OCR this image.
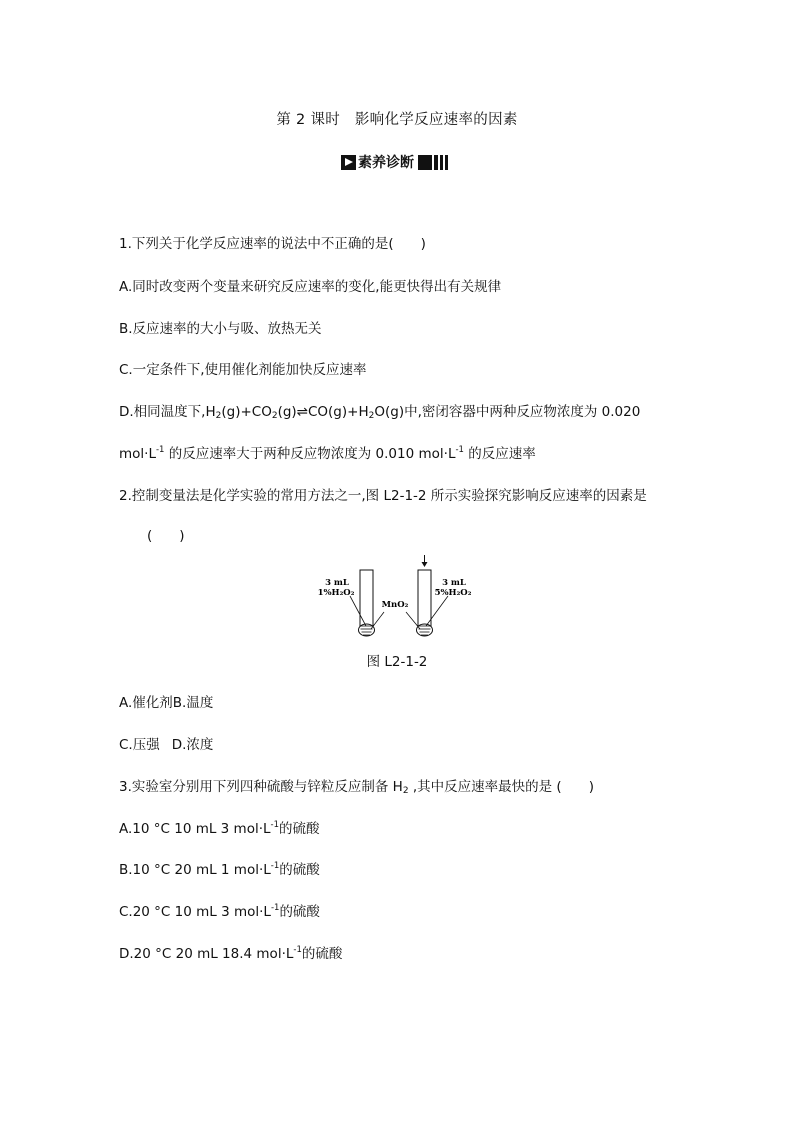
第 2 课时　影响化学反应速率的因素
素养诊断
1.下列关于化学反应速率的说法中不正确的是(　　)
A.同时改变两个变量来研究反应速率的变化,能更快得出有关规律
B.反应速率的大小与吸、放热无关
C.一定条件下,使用催化剂能加快反应速率
D.相同温度下$,H_2(g)+CO_2(g)\rightleftharpoons CO(g)+H_2O(g)$中,密闭容器中两种反应物浓度为 0.020
$mol\cdot L^{-1}$ 的反应速率大于两种反应物浓度为 0.010 $mol\cdot L^{-1}$ 的反应速率
2.控制变量法是化学实验的常用方法之一,图 L2-1-2 所示实验探究影响反应速率的因素是
(　　)
3 mL
1%H₂O₂
MnO₂
3 mL
5%H₂O₂
图 L2-1-2
A.催化剂B.温度
C.压强 D.浓度
3.实验室分别用下列四种硫酸与锌粒反应制备 $H_2$ ,其中反应速率最快的是 (　　)
A.10 °C 10 mL 3 $mol\cdot L^{-1}$的硫酸
B.10 °C 20 mL 1 $mol\cdot L^{-1}$的硫酸
C.20 °C 10 mL 3 $mol\cdot L^{-1}$的硫酸
D.20 °C 20 mL 18.4 $mol\cdot L^{-1}$的硫酸
